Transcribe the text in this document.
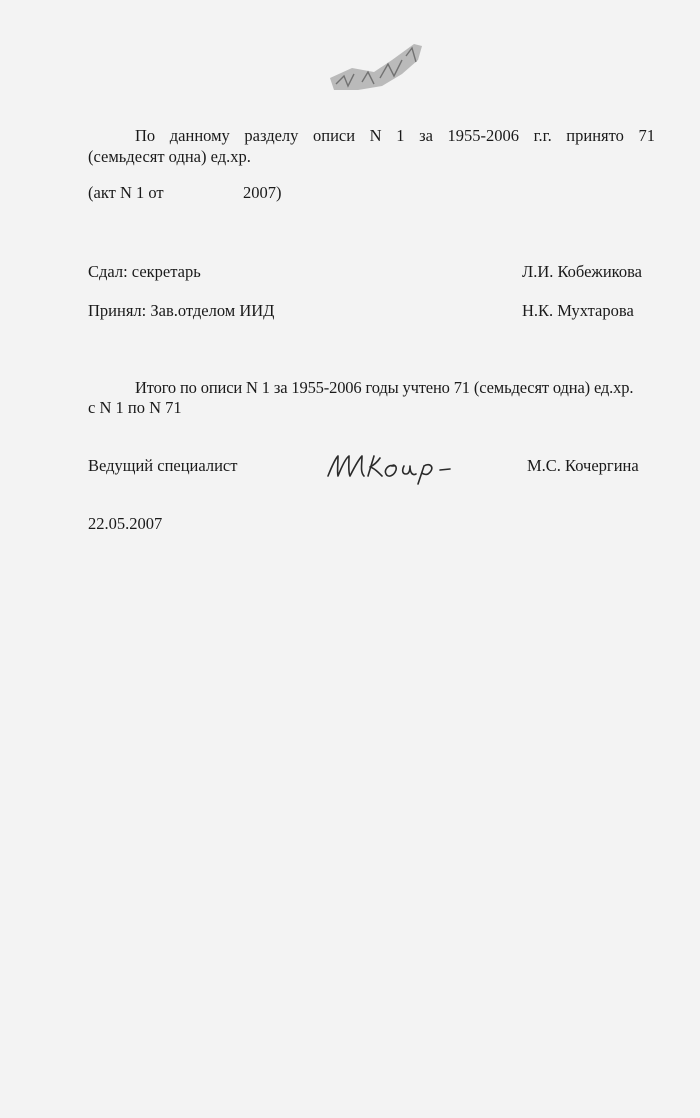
По данному разделу описи N 1 за 1955-2006 г.г. принято 71
(семьдесят одна) ед.хр.
(акт N 1 от	2007)
Сдал: секретарь	Л.И. Кобежикова
Принял: Зав.отделом ИИД	Н.К. Мухтарова
Итого по описи N 1 за 1955-2006 годы учтено 71 (семьдесят одна) ед.хр.
с N 1 по N 71
Ведущий специалист	М.С. Кочергина
22.05.2007
